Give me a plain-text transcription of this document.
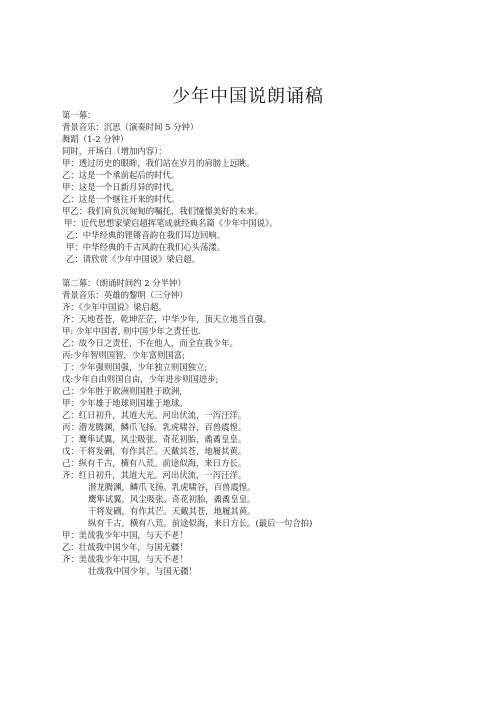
少年中国说朗诵稿
第一幕：
背景音乐：沉思（演奏时间 5 分钟）
舞蹈（1-2 分钟）
同时，开场白（增加内容）：
甲：透过历史的眼眸，我们站在岁月的肩膀上远眺。
乙：这是一个承前起后的时代。
甲：这是一个日新月异的时代。
乙：这是一个继往开来的时代。
甲乙：我们肩负沉甸甸的嘱托，我们憧憬美好的未来。
甲：近代思想家梁启超挥笔成就经典名篇《少年中国说》。
乙：中华经典的铿锵音韵在我们耳边回响。
甲：中华经典的千古风韵在我们心头荡漾。
乙：请欣赏《少年中国说》梁启超。
第二幕：（朗诵时间约 2 分半钟）
背景音乐：英雄的黎明（三分钟）
齐：《少年中国说》梁启超。
齐：天地苍苍，乾坤茫茫，中华少年，顶天立地当自强。
甲: 少年中国者, 则中国少年之责任也.
乙：故今日之责任，不在他人，而全在我少年。
丙:少年智则国智，少年富则国富;
丁：少年强则国强，少年独立则国独立;
戊:少年自由则国自由，少年进步则国进步;
己：少年胜于欧洲则国胜于欧洲，
甲：少年雄于地球则国雄于地球。
乙：红日初升，其道大光。河出伏流，一泻汪洋。
丙：潜龙腾渊，鳞爪飞扬。乳虎啸谷，百兽震惶。
丁：鹰隼试翼，风尘吸张。奇花初胎，矞矞皇皇。
戊：干将发硎，有作其芒。天戴其苍，地履其黄。
己：纵有千古，横有八荒。前途似海，来日方长。
齐：红日初升，其道大光。河出伏流，一泻汪洋。
潜龙腾渊，鳞爪飞扬。乳虎啸谷，百兽震惶。
鹰隼试翼，风尘吸张。奇花初胎，矞矞皇皇。
干将发硎，有作其芒。天戴其苍，地履其黄。
纵有千古，横有八荒。前途似海，来日方长。(最后一句合拍)
甲：美哉我少年中国，与天不老！
乙：壮哉我中国少年，与国无疆！
齐：美哉我少年中国，与天不老！
壮哉我中国少年，与国无疆！
